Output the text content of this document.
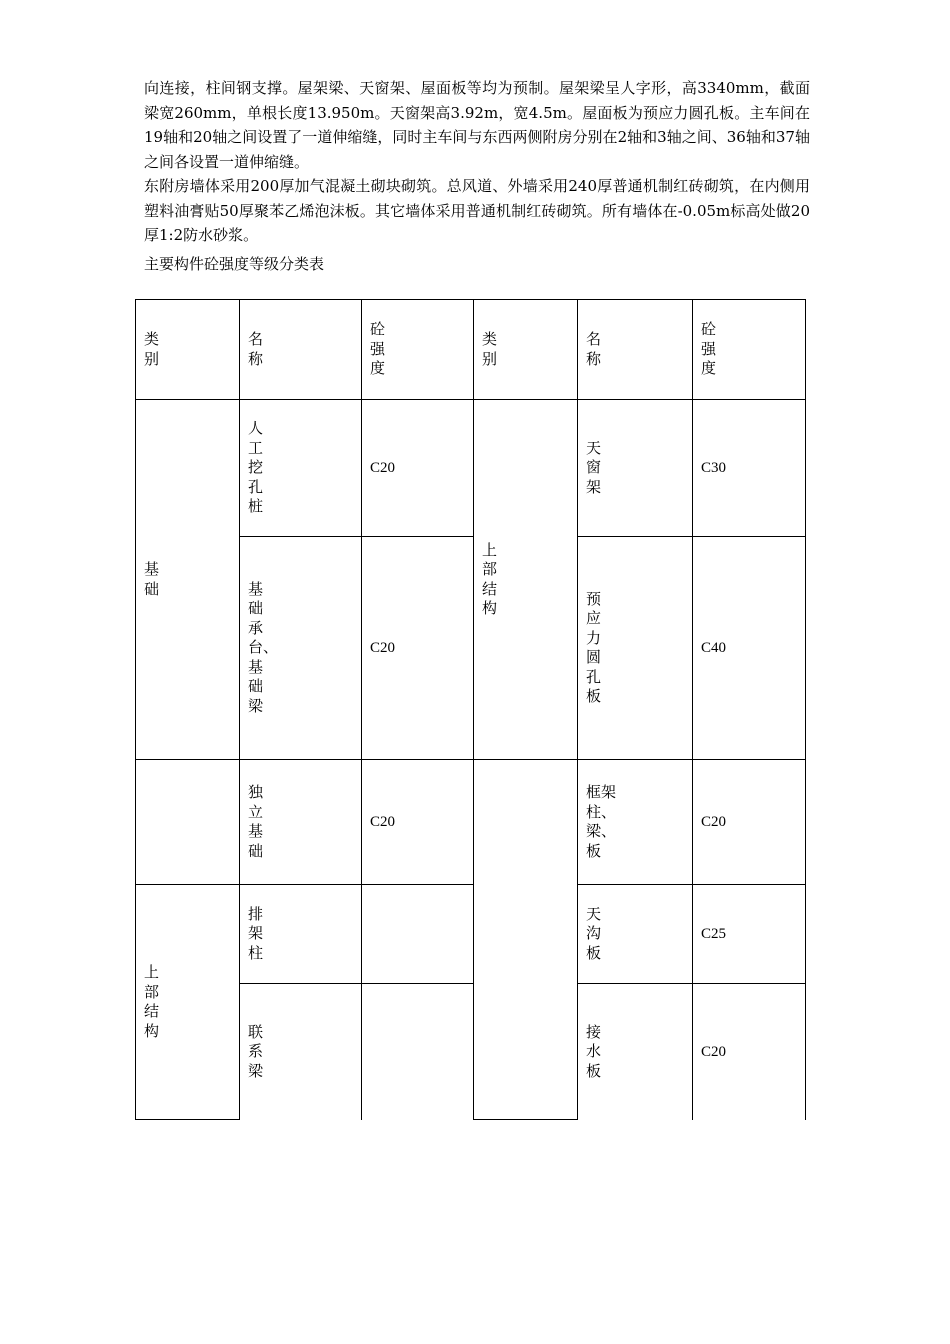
向连接，柱间钢支撑。屋架梁、天窗架、屋面板等均为预制。屋架梁呈人字形，高3340mm，截面梁宽260mm，单根长度13.950m。天窗架高3.92m，宽4.5m。屋面板为预应力圆孔板。主车间在19轴和20轴之间设置了一道伸缩缝，同时主车间与东西两侧附房分别在2轴和3轴之间、36轴和37轴之间各设置一道伸缩缝。

东附房墙体采用200厚加气混凝土砌块砌筑。总风道、外墙采用240厚普通机制红砖砌筑，在内侧用塑料油膏贴50厚聚苯乙烯泡沫板。其它墙体采用普通机制红砖砌筑。所有墙体在-0.05m标高处做20厚1:2防水砂浆。

主要构件砼强度等级分类表
类别	名称	砼强度	类别	名称	砼强度
基础	人工挖孔桩	C20	上部结构	天窗架	C30
	基础承台、基础梁	C20		预应力圆孔板	C40
	独立基础	C20		框架柱、梁、板	C20
上部结构	排架柱			天沟板	C25
	联系梁			接水板	C20
